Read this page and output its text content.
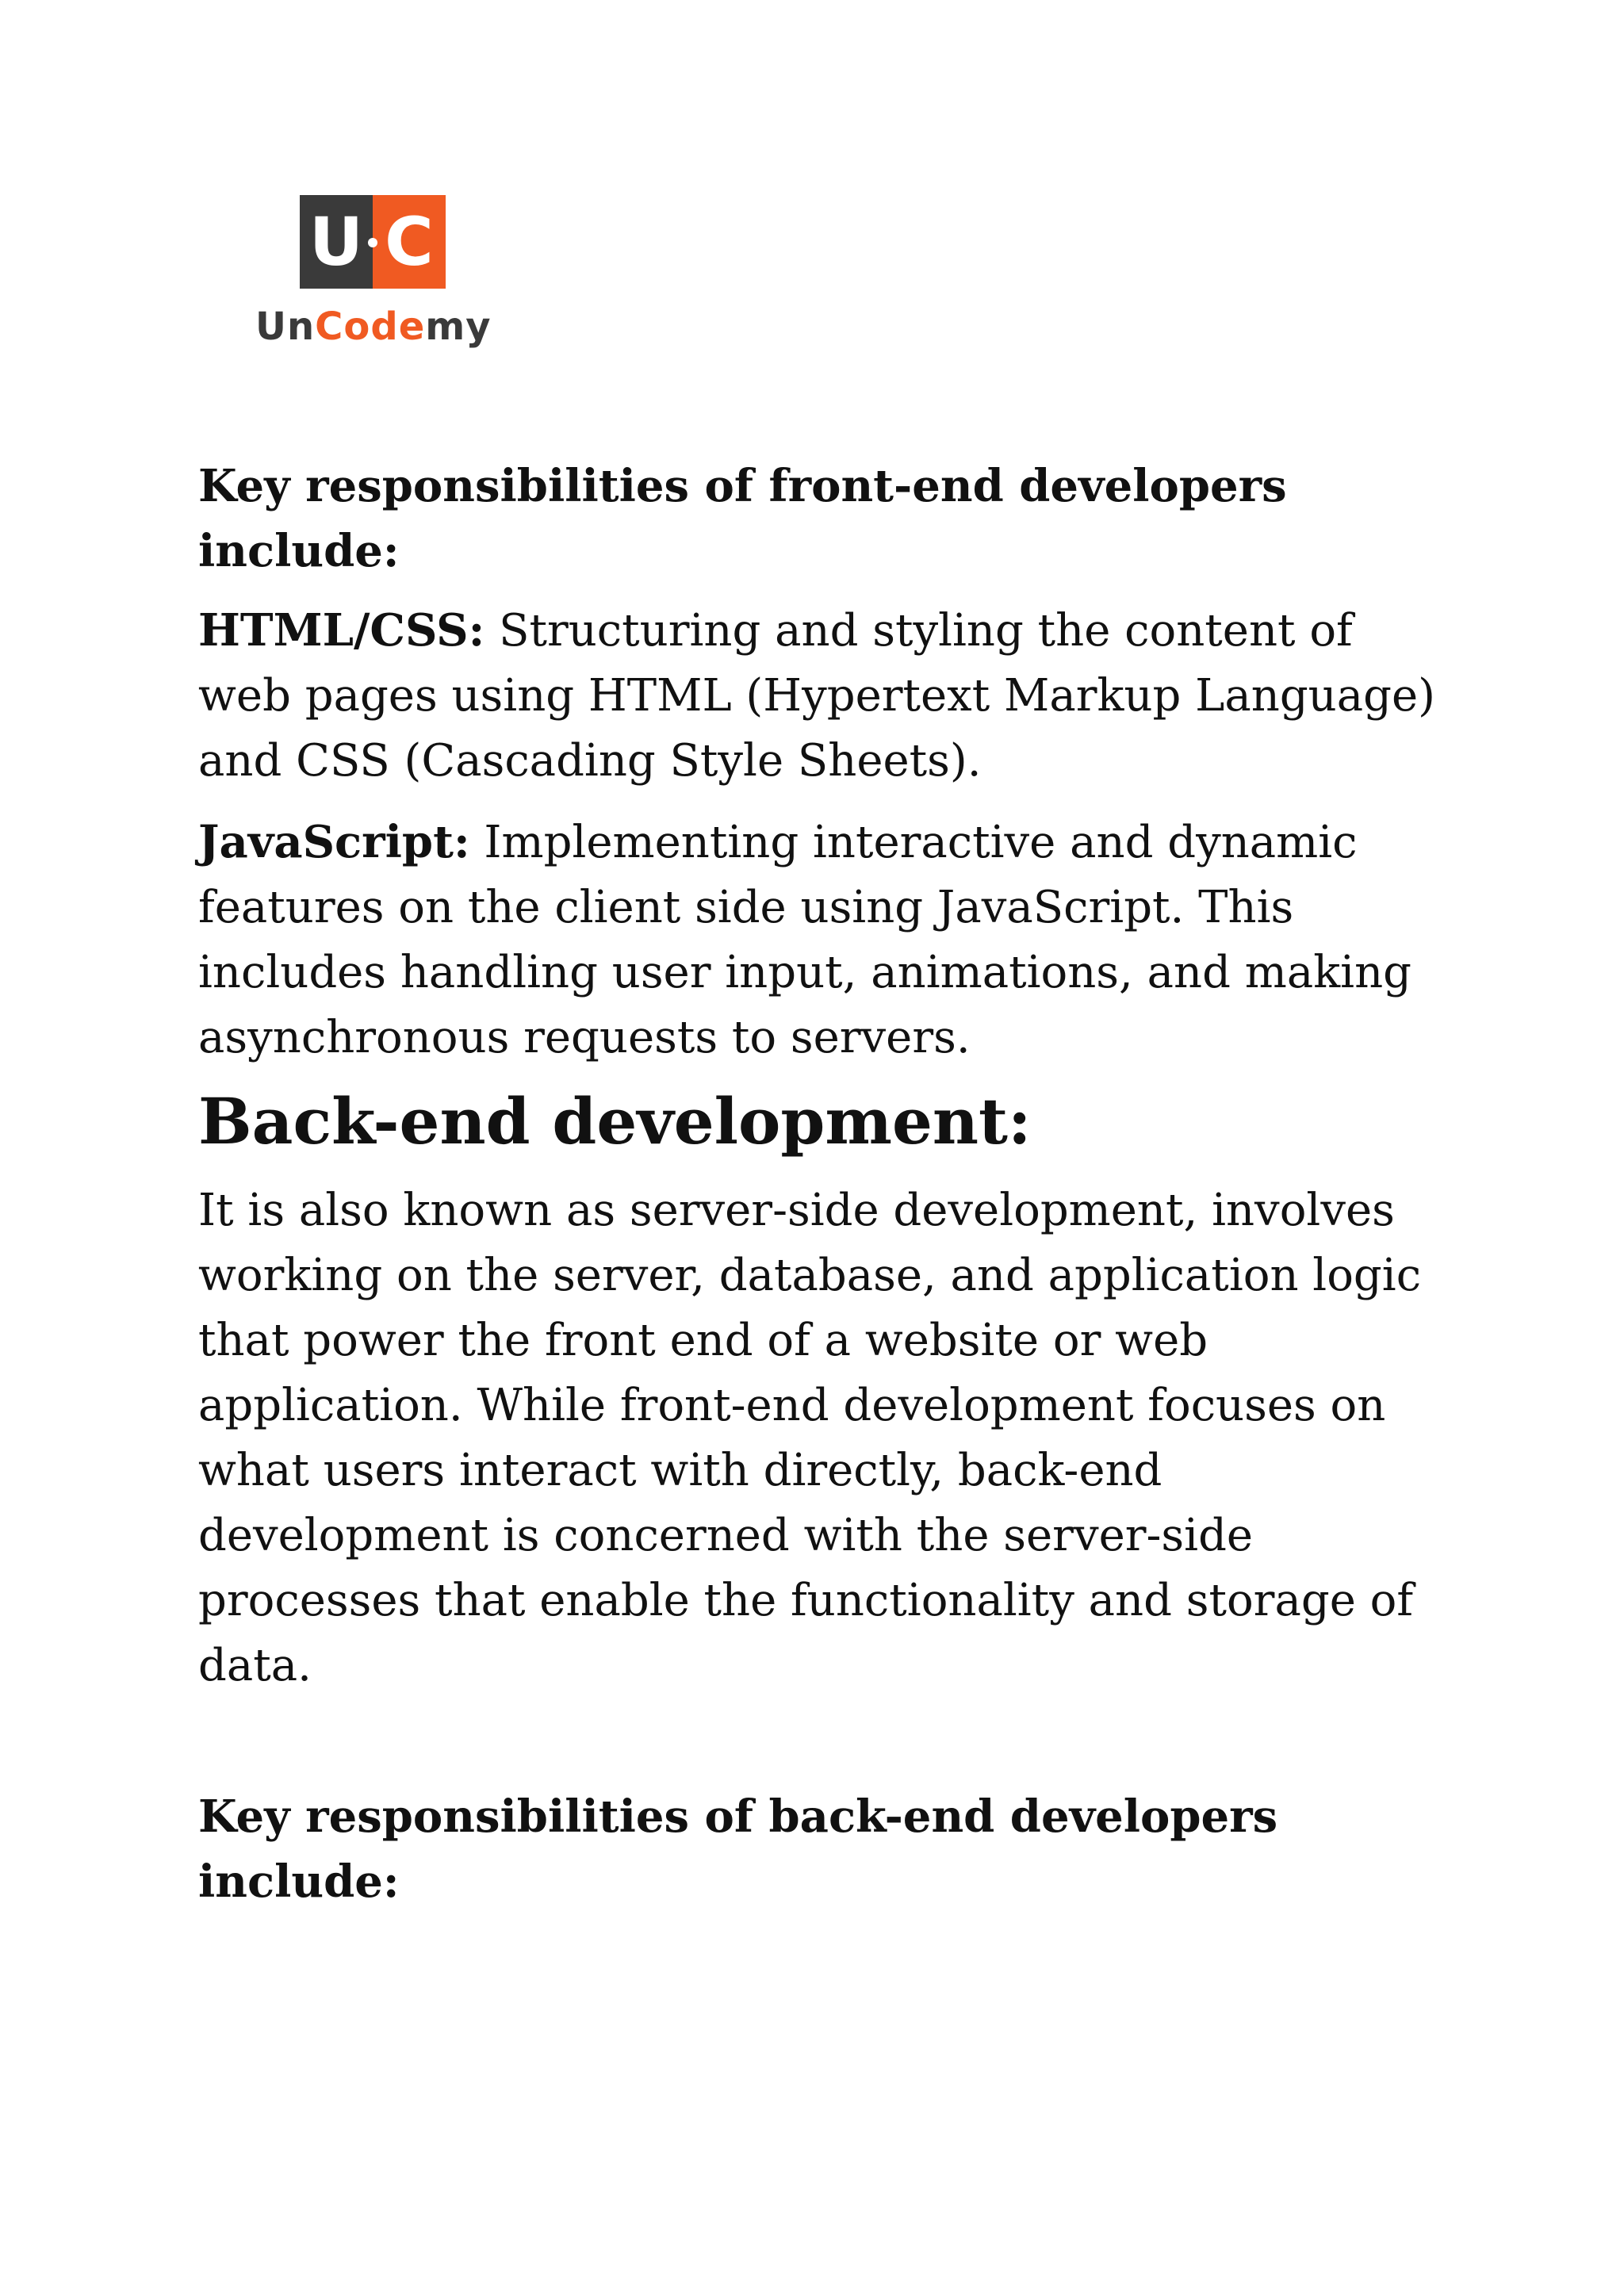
U C
UnCodemy

Key responsibilities of front-end developers include:

HTML/CSS: Structuring and styling the content of web pages using HTML (Hypertext Markup Language) and CSS (Cascading Style Sheets).

JavaScript: Implementing interactive and dynamic features on the client side using JavaScript. This includes handling user input, animations, and making asynchronous requests to servers.

Back-end development:

It is also known as server-side development, involves working on the server, database, and application logic that power the front end of a website or web application. While front-end development focuses on what users interact with directly, back-end development is concerned with the server-side processes that enable the functionality and storage of data.

Key responsibilities of back-end developers include:
